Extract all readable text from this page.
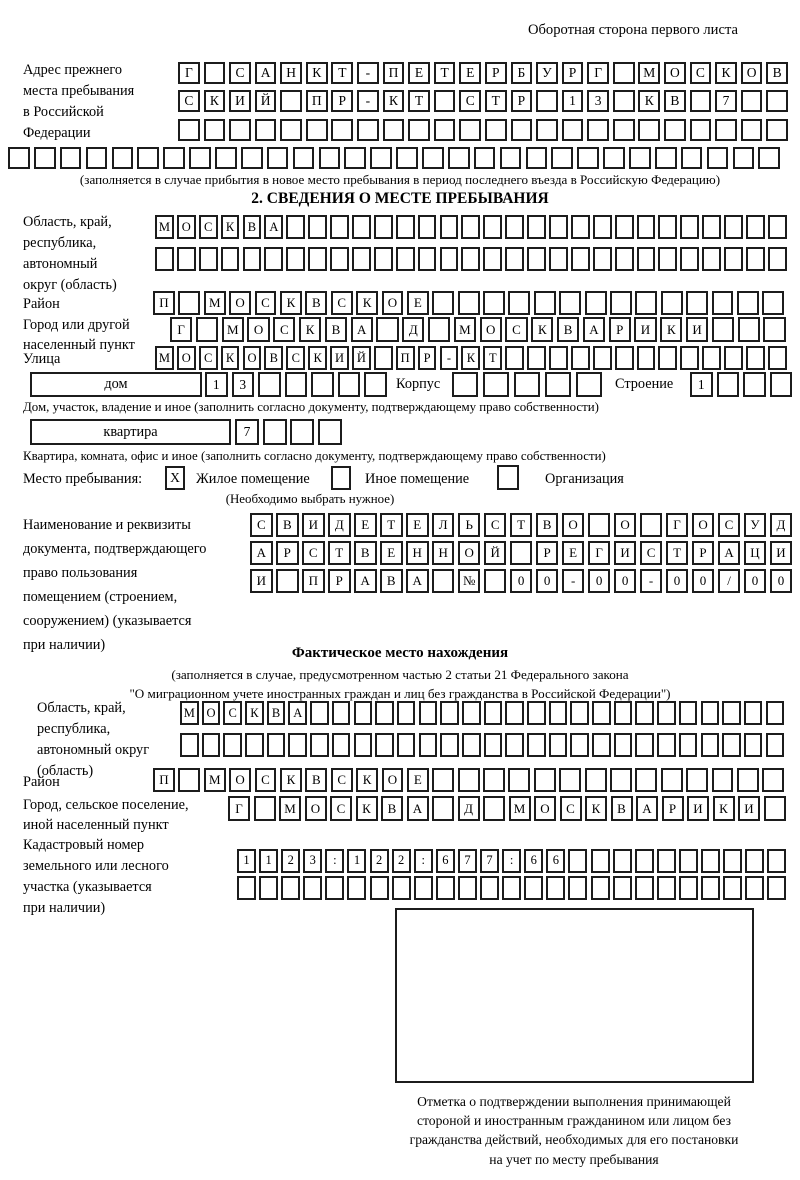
Оборотная сторона первого листа
Адрес прежнего
места пребывания
в Российской
Федерации
Г	С	А	Н	К	Т	-	П	Е	Т	Е	Р	Б	У	Р	Г	М	О	С	К	О	В
С	К	И	Й	П	Р	-	К	Т	С	Т	Р	1	3	К	В	7
(заполняется в случае прибытия в новое место пребывания в период последнего въезда в Российскую Федерацию)
2. СВЕДЕНИЯ О МЕСТЕ ПРЕБЫВАНИЯ
Область, край,
республика,
автономный
округ (область)
М О	С	К	В	А
Район	П	М	О	С	К	В	С	К	О	Е
Город или другой
населенный пункт
Г	М	О	С	К	В	А	Д	М	О	С	К	В	А	Р	И	К	И
Улица	М О	С	К	О	В	С	К	И	Й	П	Р	-	К	Т
дом	1	3	Корпус	Строение	1
Дом, участок, владение и иное (заполнить согласно документу, подтверждающему право собственности)
квартира	7
Квартира, комната, офис и иное (заполнить согласно документу, подтверждающему право собственности)
Место пребывания:	X	Жилое помещение	Иное помещение	Организация
(Необходимо выбрать нужное)
Наименование и реквизиты
документа, подтверждающего
право пользования
помещением (строением,
сооружением) (указывается
при наличии)
С	В	И	Д	Е	Т	Е	Л	Ь	С	Т	В	О	О	Г	О	С	У	Д
А	Р	С	Т	В	Е	Н	Н	О	Й	Р	Е	Г	И	С	Т	Р	А	Ц	И
И	П	Р	А	В	А	№	0	0	-	0	0	-	0	0	/	0	0
Фактическое место нахождения
(заполняется в случае, предусмотренном частью 2 статьи 21 Федерального закона
"О миграционном учете иностранных граждан и лиц без гражданства в Российской Федерации")
Область, край,
республика,
автономный округ
(область)
М О	С	К	В	А
Район	П	М	О	С	К	В	С	К	О	Е
Город, сельское поселение,
иной населенный пункт
Г	М	О	С	К	В	А	Д	М	О	С	К	В	А	Р	И	К	И
Кадастровый номер
земельного или лесного
участка (указывается
при наличии)
1	1	2	3	:	1	2	2	:	6	7	7	:	6	6
Отметка о подтверждении выполнения принимающей
стороной и иностранным гражданином или лицом без
гражданства действий, необходимых для его постановки
на учет по месту пребывания
